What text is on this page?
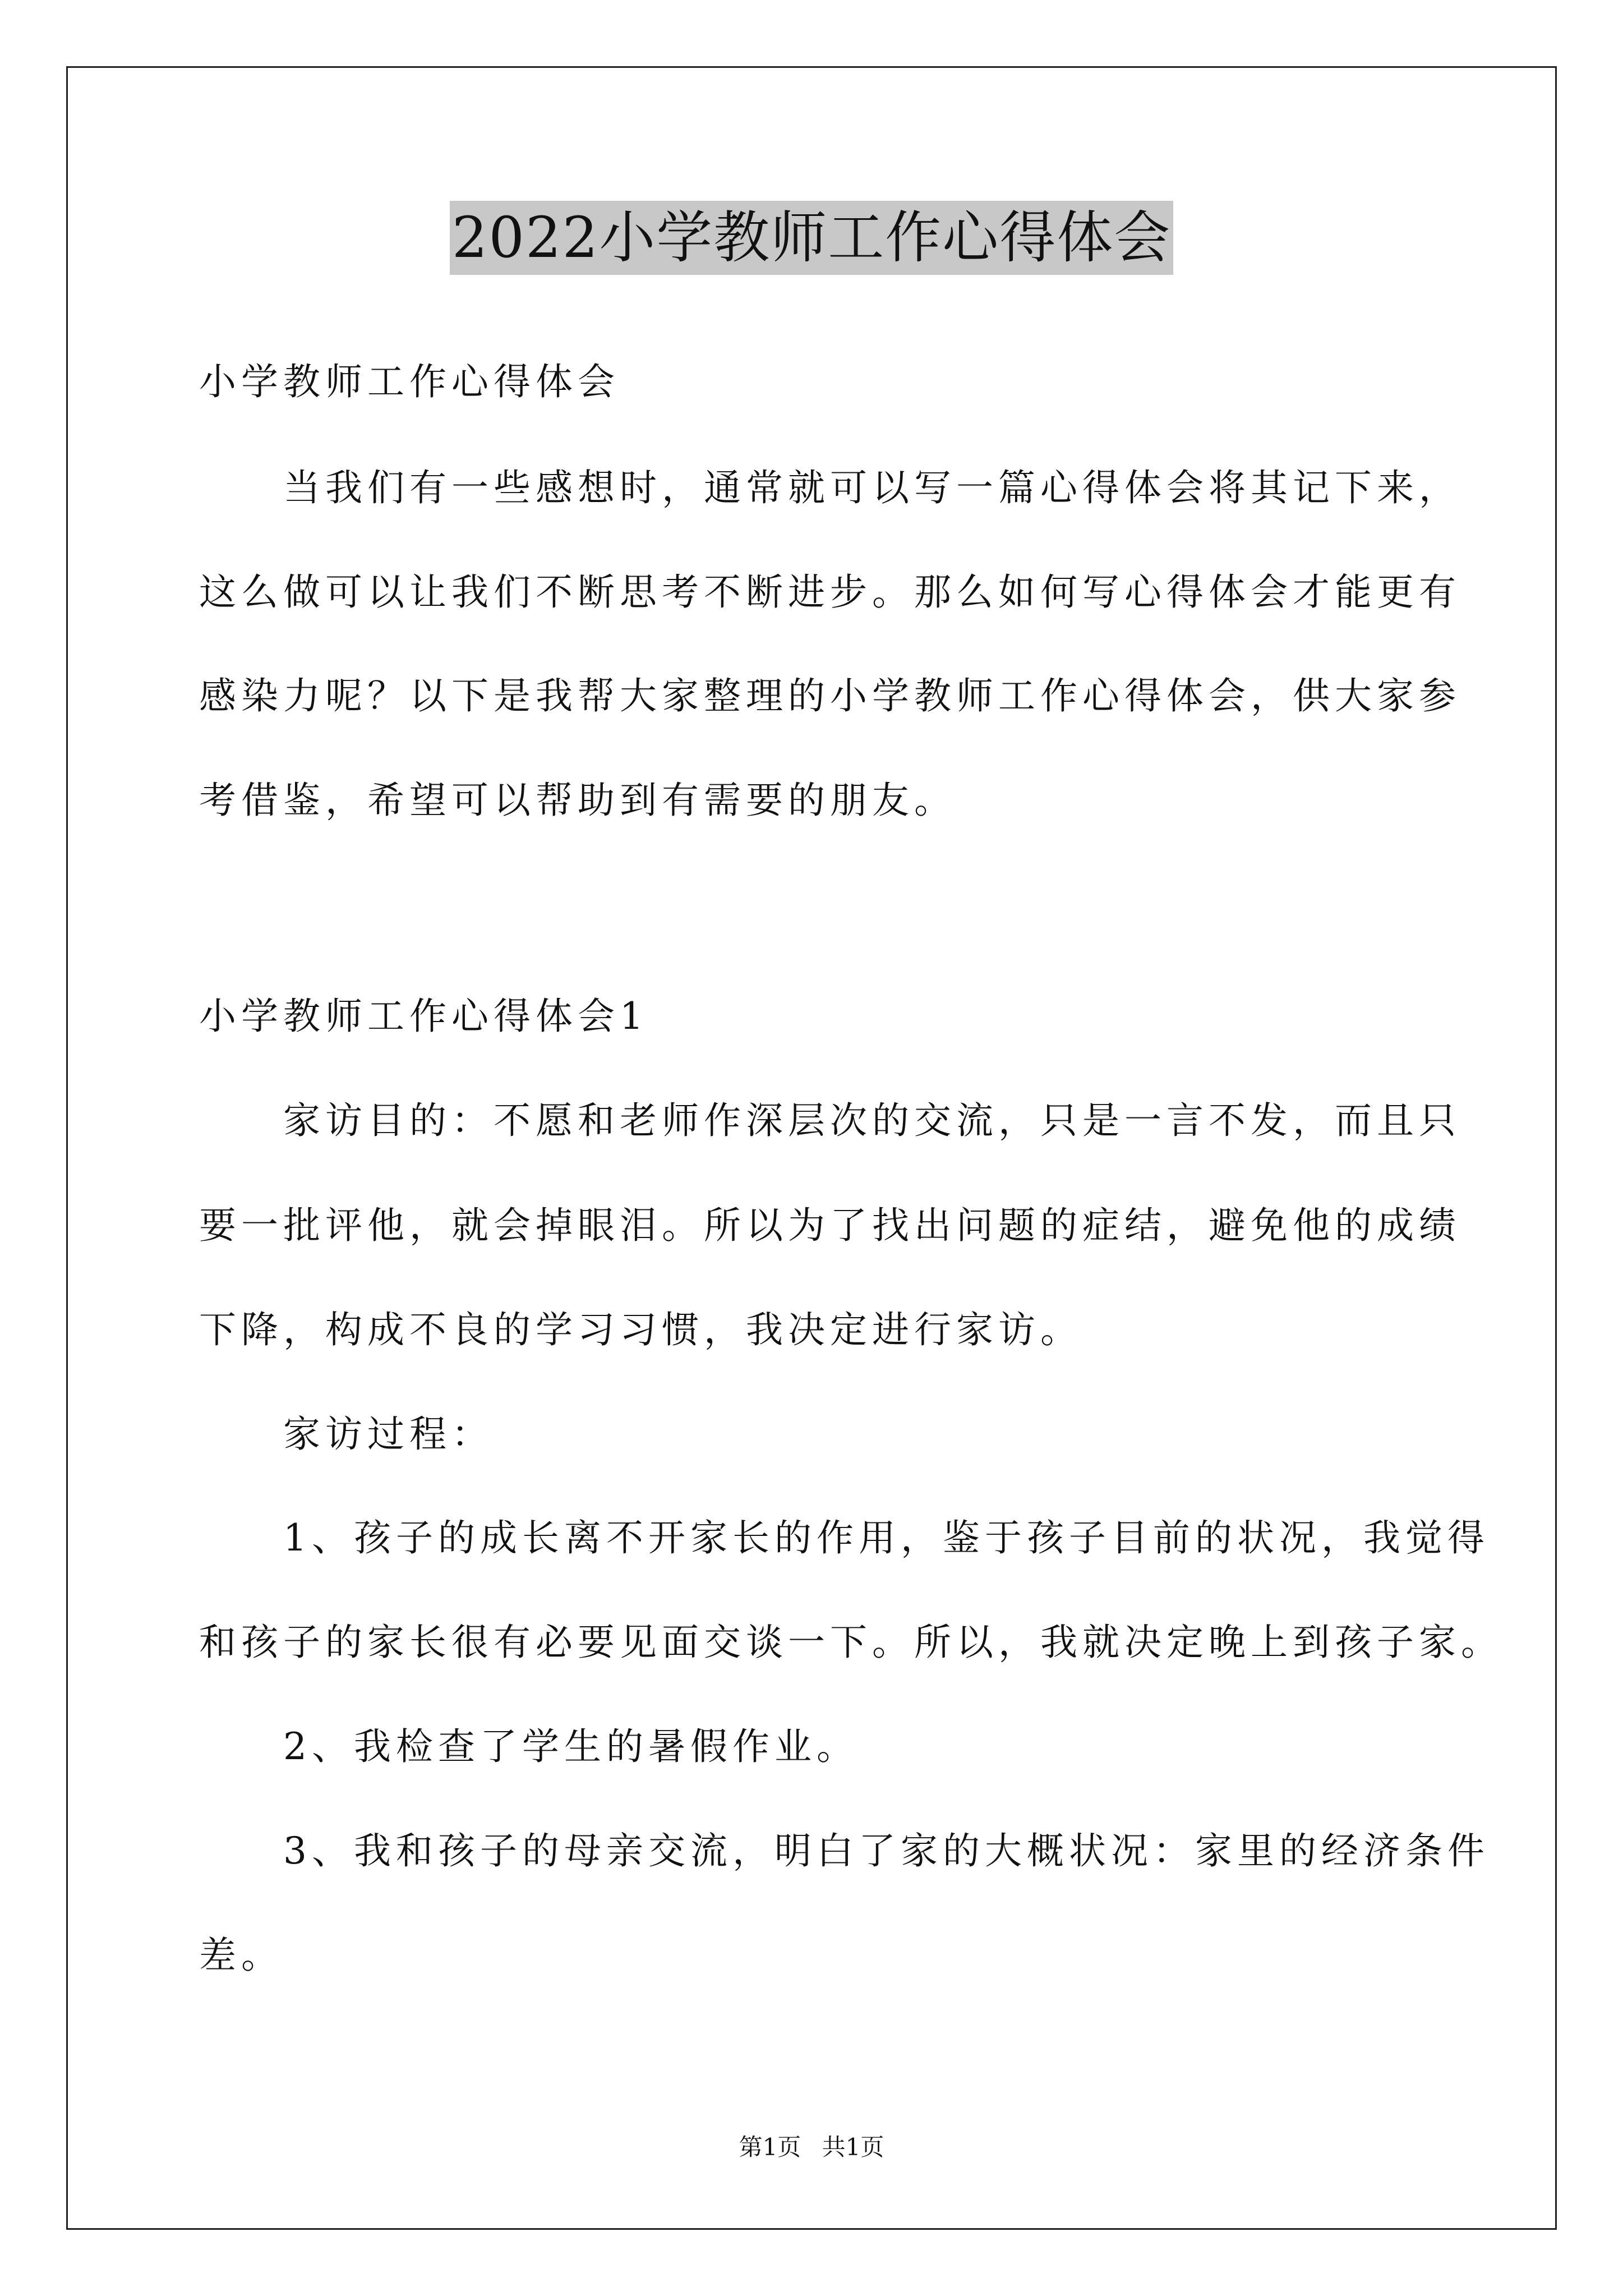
2022小学教师工作心得体会
小学教师工作心得体会
当我们有一些感想时，通常就可以写一篇心得体会将其记下来，
这么做可以让我们不断思考不断进步。那么如何写心得体会才能更有
感染力呢？以下是我帮大家整理的小学教师工作心得体会，供大家参
考借鉴，希望可以帮助到有需要的朋友。
小学教师工作心得体会1
家访目的：不愿和老师作深层次的交流，只是一言不发，而且只
要一批评他，就会掉眼泪。所以为了找出问题的症结，避免他的成绩
下降，构成不良的学习习惯，我决定进行家访。
家访过程：
1、孩子的成长离不开家长的作用，鉴于孩子目前的状况，我觉得
和孩子的家长很有必要见面交谈一下。所以，我就决定晚上到孩子家。
2、我检查了学生的暑假作业。
3、我和孩子的母亲交流，明白了家的大概状况：家里的经济条件
差。
第1页 共1页
